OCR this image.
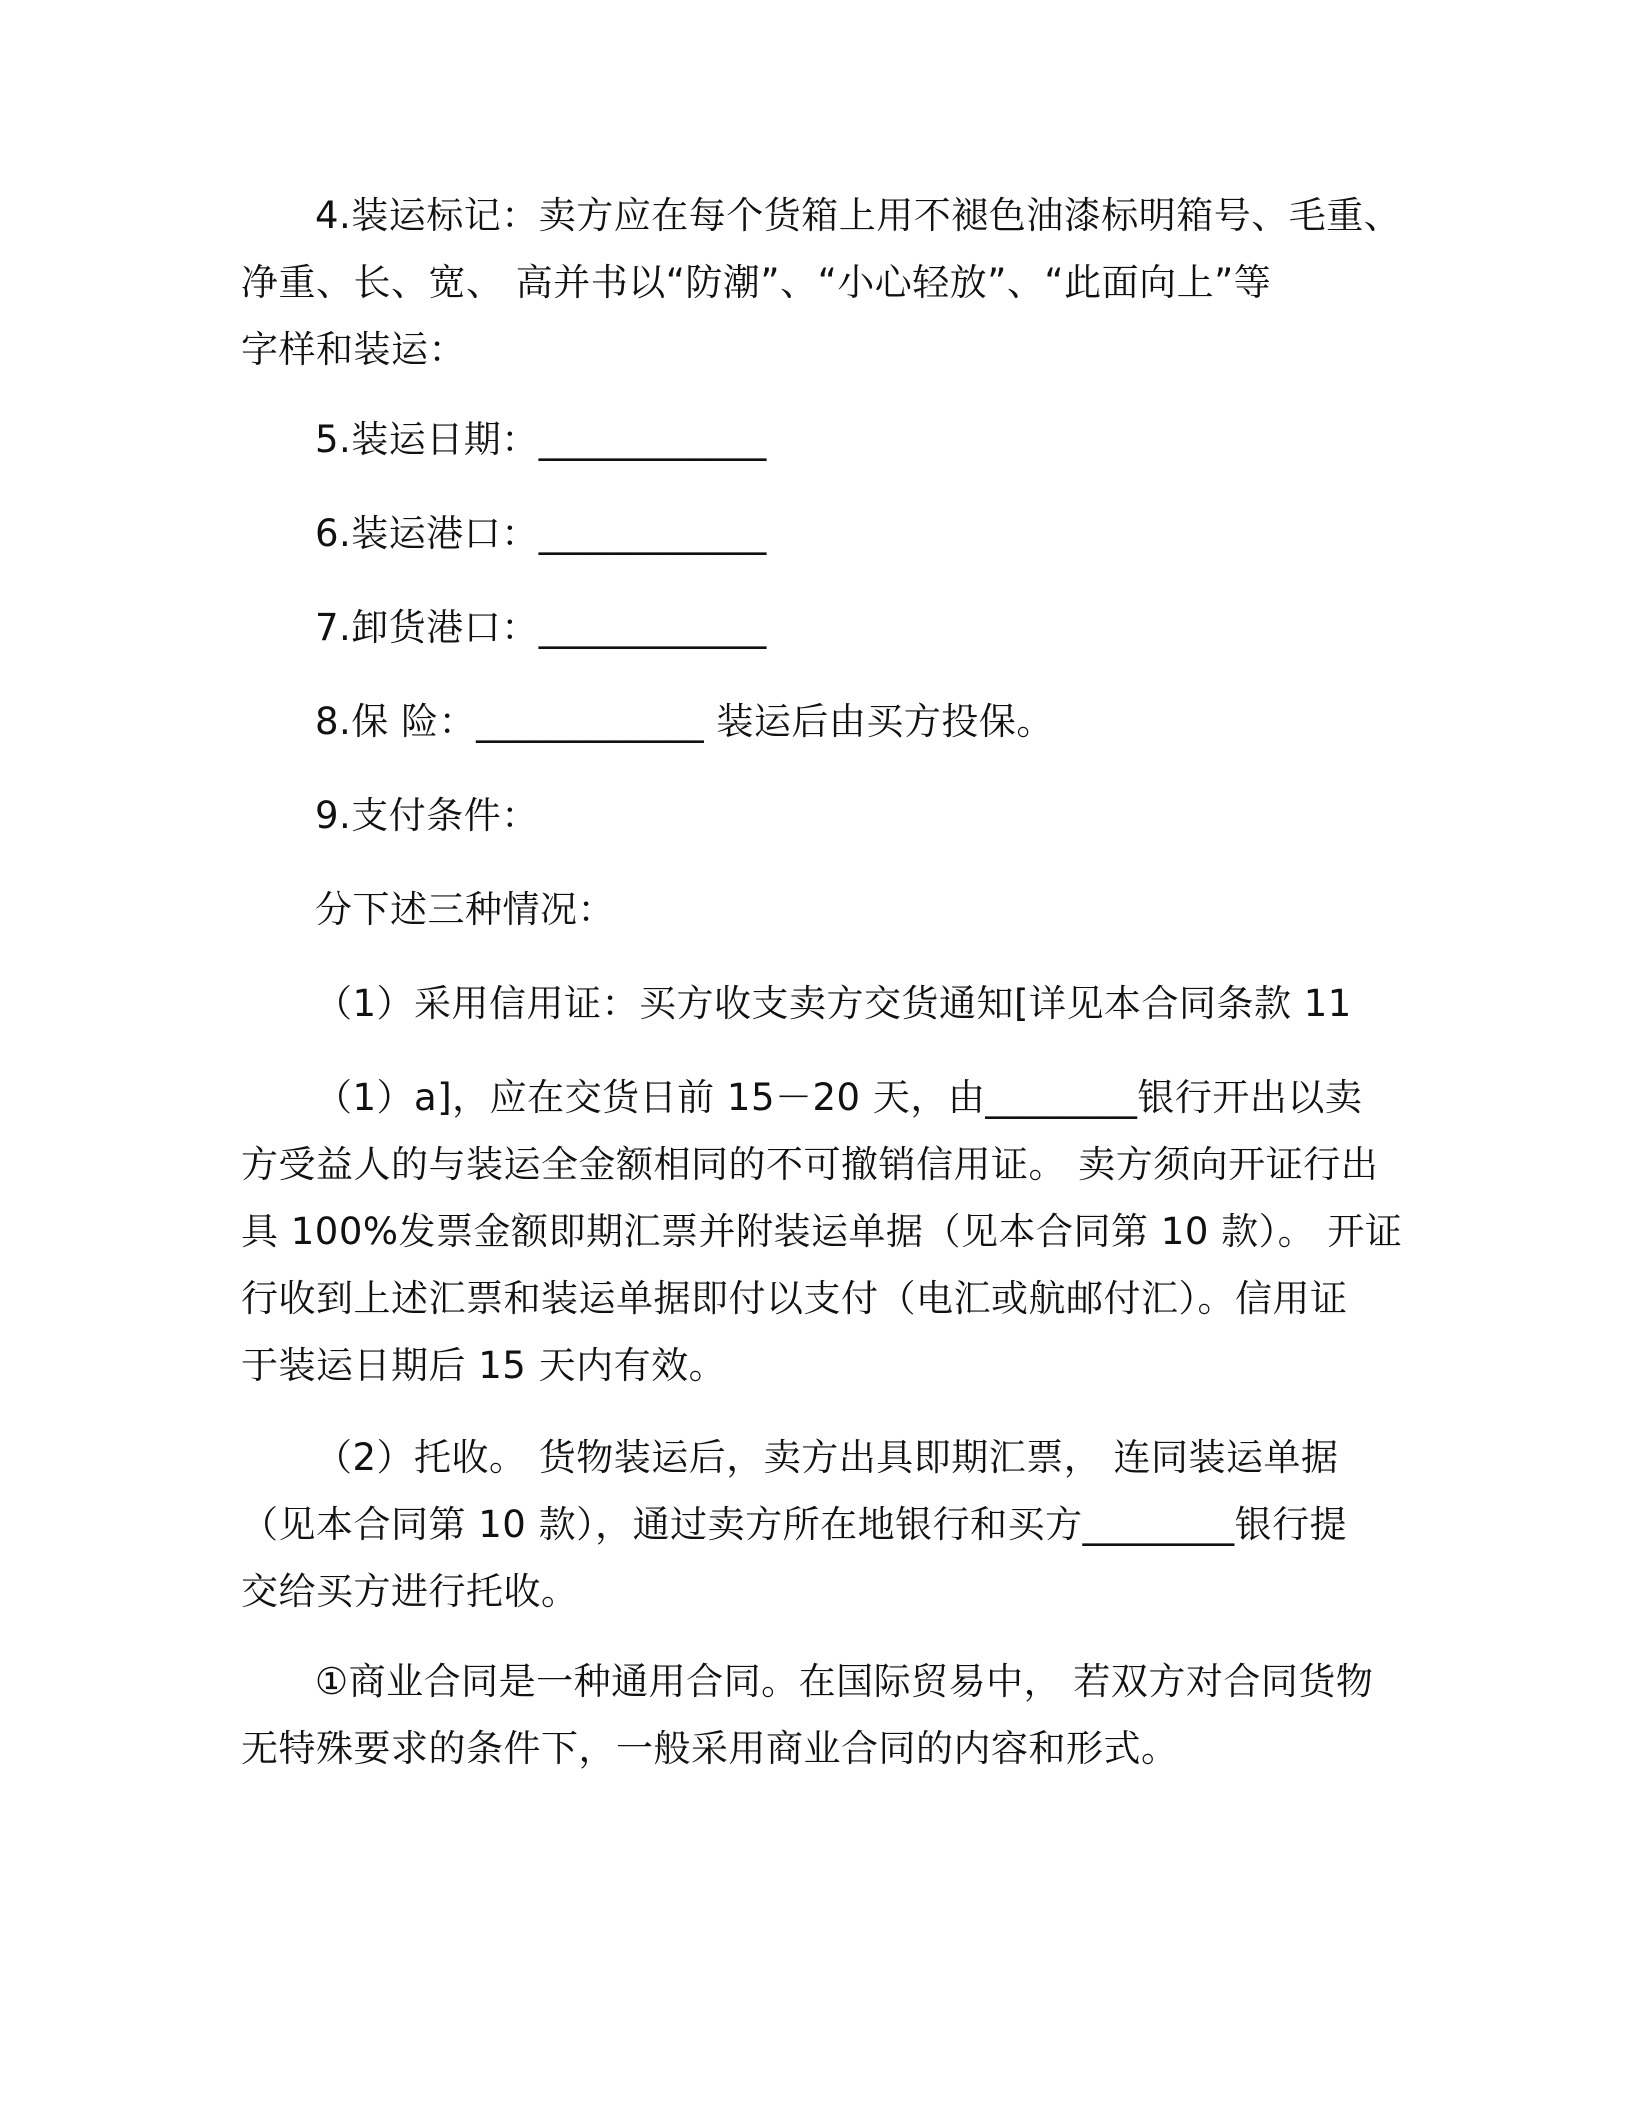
4.装运标记：卖方应在每个货箱上用不褪色油漆标明箱号、毛重、
净重、长、宽、 高并书以“防潮”、“小心轻放”、“此面向上”等
字样和装运：
5.装运日期：____________
6.装运港口：____________
7.卸货港口：____________
8.保 险：____________ 装运后由买方投保。
9.支付条件：
分下述三种情况：
（1）采用信用证：买方收支卖方交货通知[详见本合同条款 11
（1）a]，应在交货日前 15－20 天，由________银行开出以卖
方受益人的与装运全金额相同的不可撤销信用证。 卖方须向开证行出
具 100%发票金额即期汇票并附装运单据（见本合同第 10 款）。 开证
行收到上述汇票和装运单据即付以支付（电汇或航邮付汇）。信用证
于装运日期后 15 天内有效。
（2）托收。 货物装运后，卖方出具即期汇票， 连同装运单据
（见本合同第 10 款），通过卖方所在地银行和买方________银行提
交给买方进行托收。
①商业合同是一种通用合同。在国际贸易中， 若双方对合同货物
无特殊要求的条件下，一般采用商业合同的内容和形式。
